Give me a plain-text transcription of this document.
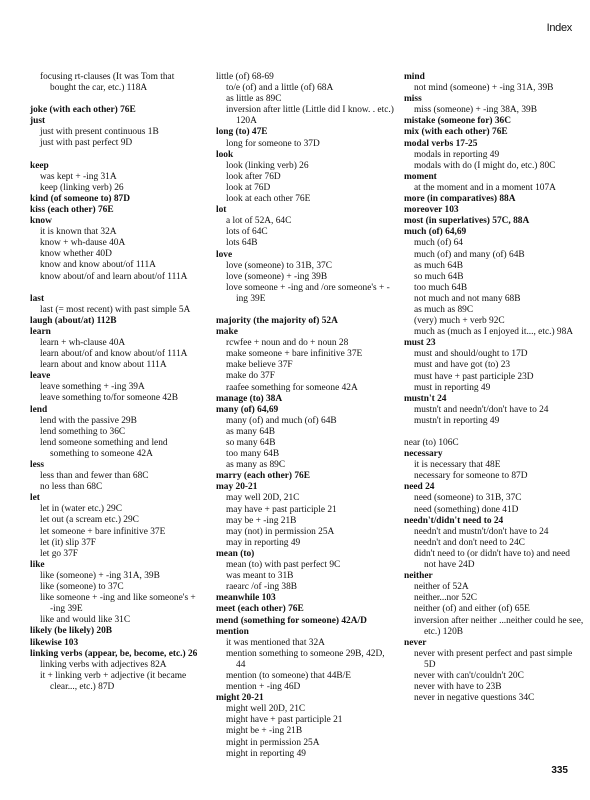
Index

focusing rt-clauses (It was Tom that bought the car, etc.) 118A

joke (with each other) 76E

just

just with present continuous 1B

just with past perfect 9D

keep

was kept + -ing 31A

keep (linking verb) 26

kind (of someone to) 87D

kiss (each other) 76E

know

it is known that 32A

know + wh-dause 40A

know whether 40D

know and know about/of 111A

know about/of and learn about/of 111A

last

last (= most recent) with past simple 5A

laugh (about/at) 112B

learn

learn + wh-clause 40A

learn about/of and know about/of 111A

learn about and know about 111A

leave

leave something + -ing 39A

leave something to/for someone 42B

lend

lend with the passive 29B

lend something to 36C

lend someone something and lend something to someone 42A

less

less than and fewer than 68C

no less than 68C

let

let in (water etc.) 29C

let out (a scream etc.) 29C

let someone + bare infinitive 37E

let (it) slip 37F

let go 37F

like

like (someone) + -ing 31A, 39B

like (someone) to 37C

like someone + -ing and like someone's + -ing 39E

like and would like 31C

likely (be likely) 20B

likewise 103

linking verbs (appear, be, become, etc.) 26

linking verbs with adjectives 82A

it + linking verb + adjective (it became clear..., etc.) 87D

little (of) 68-69

to/e (of) and a little (of) 68A

as little as 89C

inversion after little (Little did I know. . etc.) 120A

long (to) 47E

long for someone to 37D

look

look (linking verb) 26

look after 76D

look at 76D

look at each other 76E

lot

a lot of 52A, 64C

lots of 64C

lots 64B

love

love (someone) to 31B, 37C

love (someone) + -ing 39B

love someone + -ing and /ore someone's + -ing 39E

majority (the majority of) 52A

make

rcwfee + noun and do + noun 28

make someone + bare infinitive 37E

make believe 37F

make do 37F

raafee something for someone 42A

manage (to) 38A

many (of) 64,69

many (of) and much (of) 64B

as many 64B

so many 64B

too many 64B

as many as 89C

marry (each other) 76E

may 20-21

may well 20D, 21C

may have + past participle 21

may be + -ing 21B

may (not) in permission 25A

may in reporting 49

mean (to)

mean (to) with past perfect 9C

was meant to 31B

raearc /of -ing 38B

meanwhile 103

meet (each other) 76E

mend (something for someone) 42A/D

mention

it was mentioned that 32A

mention something to someone 29B, 42D, 44

mention (to someone) that 44B/E

mention + -ing 46D

might 20-21

might well 20D, 21C

might have + past participle 21

might be + -ing 21B

might in permission 25A

might in reporting 49

mind

not mind (someone) + -ing 31A, 39B

miss

miss (someone) + -ing 38A, 39B

mistake (someone for) 36C

mix (with each other) 76E

modal verbs 17-25

modals in reporting 49

modals with do (I might do, etc.) 80C

moment

at the moment and in a moment 107A

more (in comparatives) 88A

moreover 103

most (in superlatives) 57C, 88A

much (of) 64,69

much (of) 64

much (of) and many (of) 64B

as much 64B

so much 64B

too much 64B

not much and not many 68B

as much as 89C

(very) much + verb 92C

much as (much as I enjoyed it..., etc.) 98A

must 23

must and should/ought to 17D

must and have got (to) 23

must have + past participle 23D

must in reporting 49

mustn't 24

mustn't and needn't/don't have to 24

mustn't in reporting 49

near (to) 106C

necessary

it is necessary that 48E

necessary for someone to 87D

need 24

need (someone) to 31B, 37C

need (something) done 41D

needn't/didn't need to 24

needn't and mustn't/don't have to 24

needn't and don't need to 24C

didn't need to (or didn't have to) and need not have 24D

neither

neither of 52A

neither...nor 52C

neither (of) and either (of) 65E

inversion after neither ...neither could he see, etc.) 120B

never

never with present perfect and past simple 5D

never with can't/couldn't 20C

never with have to 23B

never in negative questions 34C

335
